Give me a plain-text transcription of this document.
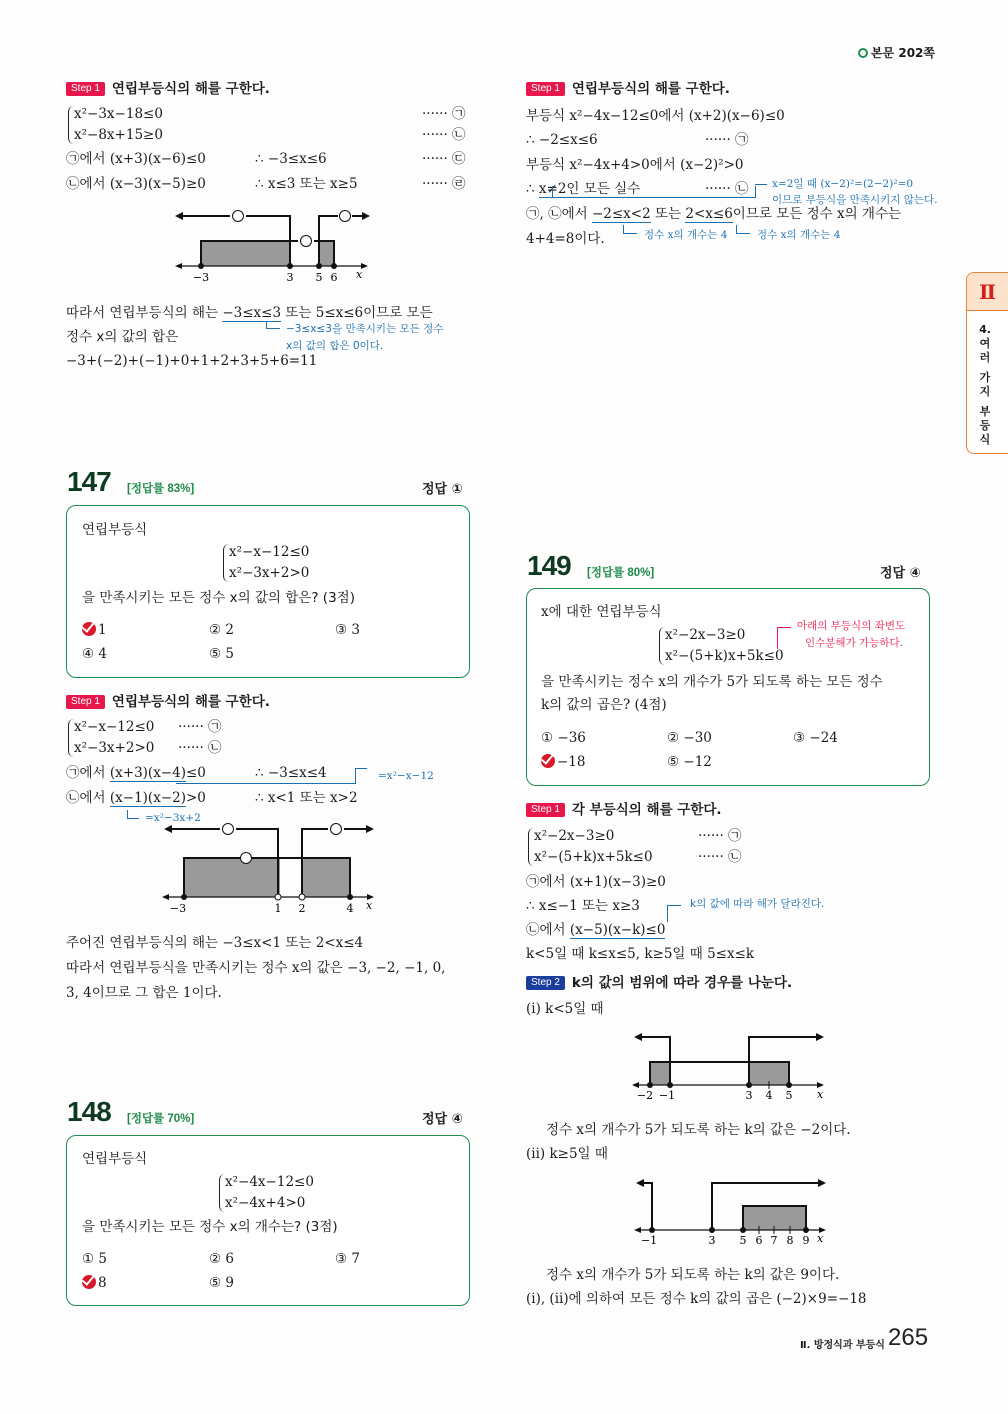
본문 202쪽
Ⅱ
4.
여
러
가
지
부
등
식
Step 1 연립부등식의 해를 구한다.
x²−3x−18≤0
x²−8x+15≥0
······ ㉠
······ ㉡
㉠에서 (x+3)(x−6)≤0	∴ −3≤x≤6	······ ㉢
㉡에서 (x−3)(x−5)≥0	∴ x≤3 또는 x≥5	······ ㉣
−3	3 5 6 x
따라서 연립부등식의 해는 −3≤x≤3 또는 5≤x≤6이므로 모든
−3≤x≤3을 만족시키는 모든 정수
x의 값의 합은 0이다.
정수 x의 값의 합은
−3+(−2)+(−1)+0+1+2+3+5+6=11
147 [정답률 83%]	정답 ①
연립부등식
x²−x−12≤0
x²−3x+2>0
을 만족시키는 모든 정수 x의 값의 합은? (3점)
1	② 2	③ 3
④ 4	⑤ 5
Step 1 연립부등식의 해를 구한다.
x²−x−12≤0 ······ ㉠
x²−3x+2>0 ······ ㉡
㉠에서 (x+3)(x−4)≤0	∴ −3≤x≤4	=x²−x−12
㉡에서 (x−1)(x−2)>0	∴ x<1 또는 x>2
=x²−3x+2
−3	1 2	4 x
주어진 연립부등식의 해는 −3≤x<1 또는 2<x≤4
따라서 연립부등식을 만족시키는 정수 x의 값은 −3, −2, −1, 0,
3, 4이므로 그 합은 1이다.
148 [정답률 70%]	정답 ④
연립부등식
x²−4x−12≤0
x²−4x+4>0
을 만족시키는 모든 정수 x의 개수는? (3점)
① 5	② 6	③ 7
8	⑤ 9
Step 1 연립부등식의 해를 구한다.
부등식 x²−4x−12≤0에서 (x+2)(x−6)≤0
∴ −2≤x≤6	······ ㉠
부등식 x²−4x+4>0에서 (x−2)²>0
∴ x≠2인 모든 실수	······ ㉡ x=2일 때 (x−2)²=(2−2)²=0
이므로 부등식을 만족시키지 않는다.
㉠, ㉡에서 −2≤x<2 또는 2<x≤6이므로 모든 정수 x의 개수는
4+4=8이다.	정수 x의 개수는 4	정수 x의 개수는 4
149 [정답률 80%]	정답 ④
x에 대한 연립부등식
x²−2x−3≥0
x²−(5+k)x+5k≤0
아래의 부등식의 좌변도
인수분해가 가능하다.
을 만족시키는 정수 x의 개수가 5가 되도록 하는 모든 정수
k의 값의 곱은? (4점)
① −36	② −30	③ −24
−18	⑤ −12
Step 1 각 부등식의 해를 구한다.
x²−2x−3≥0	······ ㉠
x²−(5+k)x+5k≤0	······ ㉡
㉠에서 (x+1)(x−3)≥0
∴ x≤−1 또는 x≥3	k의 값에 따라 해가 달라진다.
㉡에서 (x−5)(x−k)≤0
k<5일 때 k≤x≤5, k≥5일 때 5≤x≤k
Step 2 k의 값의 범위에 따라 경우를 나눈다.
(i) k<5일 때
−2 −1	3 4 5 x
정수 x의 개수가 5가 되도록 하는 k의 값은 −2이다.
(ii) k≥5일 때
−1	3 5 6 7 8 9 x
정수 x의 개수가 5가 되도록 하는 k의 값은 9이다.
(i), (ii)에 의하여 모든 정수 k의 값의 곱은 (−2)×9=−18
Ⅱ. 방정식과 부등식 265
